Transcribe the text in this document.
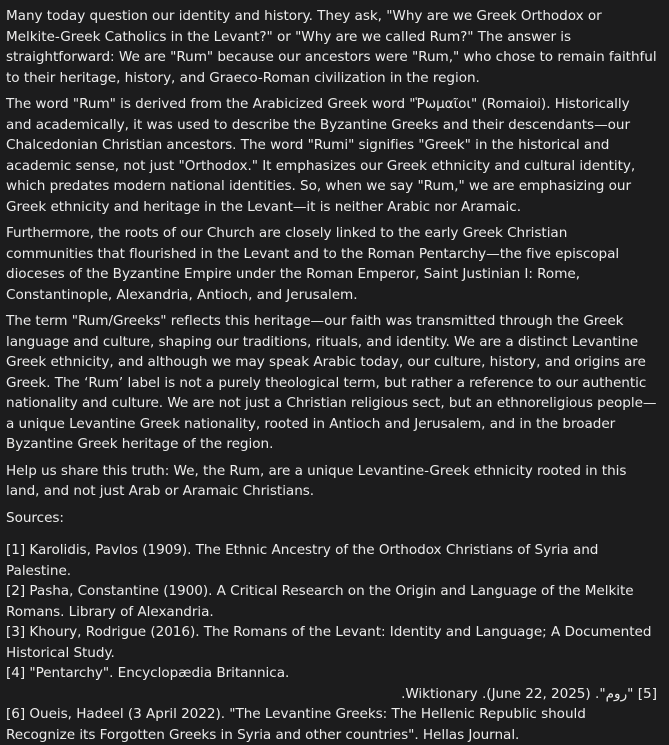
Many today question our identity and history. They ask, "Why are we Greek Orthodox or Melkite-Greek Catholics in the Levant?" or "Why are we called Rum?" The answer is straightforward: We are "Rum" because our ancestors were "Rum," who chose to remain faithful to their heritage, history, and Graeco-Roman civilization in the region.

The word "Rum" is derived from the Arabicized Greek word "Ῥωμαῖοι" (Romaioi). Historically and academically, it was used to describe the Byzantine Greeks and their descendants—our Chalcedonian Christian ancestors. The word "Rumi" signifies "Greek" in the historical and academic sense, not just "Orthodox." It emphasizes our Greek ethnicity and cultural identity, which predates modern national identities. So, when we say "Rum," we are emphasizing our Greek ethnicity and heritage in the Levant—it is neither Arabic nor Aramaic.

Furthermore, the roots of our Church are closely linked to the early Greek Christian communities that flourished in the Levant and to the Roman Pentarchy—the five episcopal dioceses of the Byzantine Empire under the Roman Emperor, Saint Justinian I: Rome, Constantinople, Alexandria, Antioch, and Jerusalem.

The term "Rum/Greeks" reflects this heritage—our faith was transmitted through the Greek language and culture, shaping our traditions, rituals, and identity. We are a distinct Levantine Greek ethnicity, and although we may speak Arabic today, our culture, history, and origins are Greek. The ‘Rum’ label is not a purely theological term, but rather a reference to our authentic nationality and culture. We are not just a Christian religious sect, but an ethnoreligious people—a unique Levantine Greek nationality, rooted in Antioch and Jerusalem, and in the broader Byzantine Greek heritage of the region.

Help us share this truth: We, the Rum, are a unique Levantine-Greek ethnicity rooted in this land, and not just Arab or Aramaic Christians.

Sources:

[1] Karolidis, Pavlos (1909). The Ethnic Ancestry of the Orthodox Christians of Syria and Palestine.

[2] Pasha, Constantine (1900). A Critical Research on the Origin and Language of the Melkite Romans. Library of Alexandria.

[3] Khoury, Rodrigue (2016). The Romans of the Levant: Identity and Language; A Documented Historical Study.

[4] "Pentarchy". Encyclopædia Britannica.

[5] "روم". (June 22, 2025). Wiktionary.

[6] Oueis, Hadeel (3 April 2022). "The Levantine Greeks: The Hellenic Republic should Recognize its Forgotten Greeks in Syria and other countries". Hellas Journal.
